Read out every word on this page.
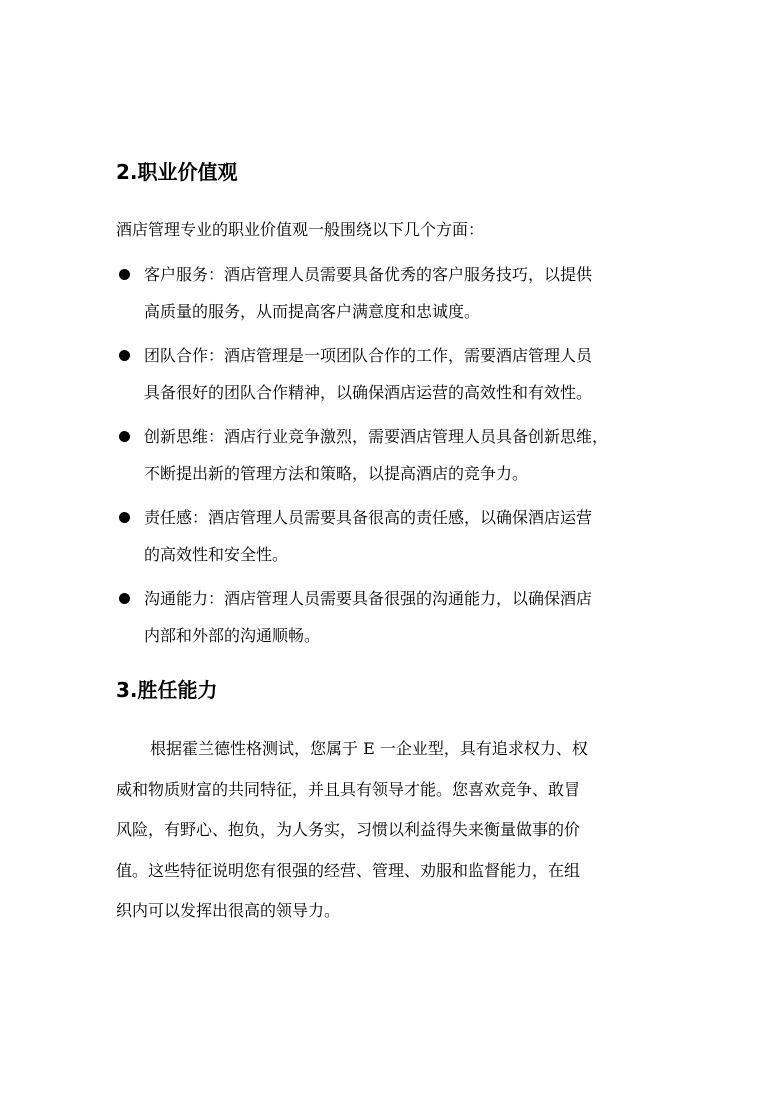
2.职业价值观

酒店管理专业的职业价值观一般围绕以下几个方面：

客户服务：酒店管理人员需要具备优秀的客户服务技巧，以提供
高质量的服务，从而提高客户满意度和忠诚度。
团队合作：酒店管理是一项团队合作的工作，需要酒店管理人员
具备很好的团队合作精神，以确保酒店运营的高效性和有效性。
创新思维：酒店行业竞争激烈，需要酒店管理人员具备创新思维，
不断提出新的管理方法和策略，以提高酒店的竞争力。
责任感：酒店管理人员需要具备很高的责任感，以确保酒店运营
的高效性和安全性。
沟通能力：酒店管理人员需要具备很强的沟通能力，以确保酒店
内部和外部的沟通顺畅。
3.胜任能力
根据霍兰德性格测试，您属于 E 一企业型，具有追求权力、权
威和物质财富的共同特征，并且具有领导才能。您喜欢竞争、敢冒
风险，有野心、抱负，为人务实，习惯以利益得失来衡量做事的价
值。这些特征说明您有很强的经营、管理、劝服和监督能力，在组
织内可以发挥出很高的领导力。
